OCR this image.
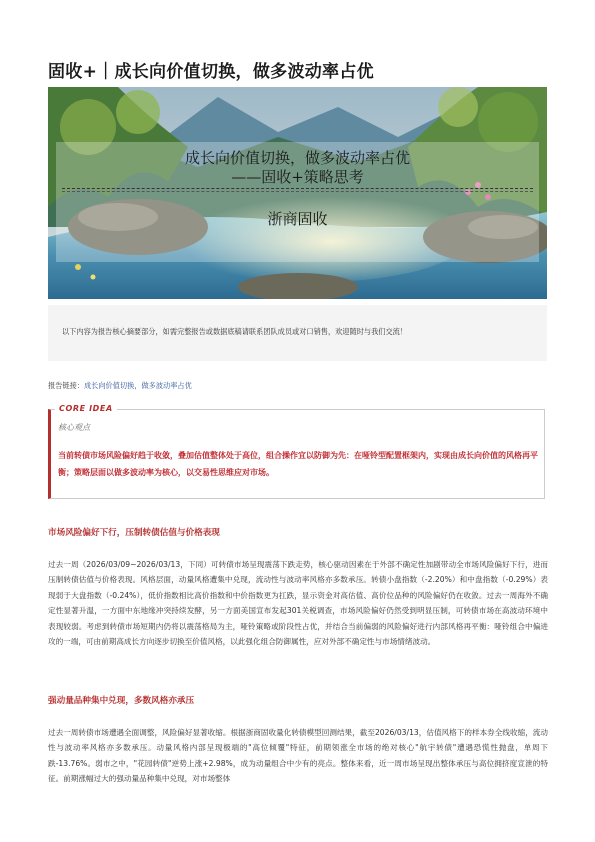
固收+｜成长向价值切换，做多波动率占优
成长向价值切换，做多波动率占优
——固收+策略思考
浙商固收
以下内容为报告核心摘要部分，如需完整报告或数据底稿请联系团队成员或对口销售，欢迎随时与我们交流！
报告链接：成长向价值切换，做多波动率占优
CORE IDEA
核心观点
当前转债市场风险偏好趋于收敛，叠加估值整体处于高位，组合操作宜以防御为先：在哑铃型配置框架内，实现由成长向价值的风格再平衡；策略层面以做多波动率为核心，以交易性思维应对市场。
市场风险偏好下行，压制转债估值与价格表现
过去一周（2026/03/09~2026/03/13，下同）可转债市场呈现震荡下跌走势，核心驱动因素在于外部不确定性加剧带动全市场风险偏好下行，进而压制转债估值与价格表现。风格层面，动量风格遭集中兑现，流动性与波动率风格亦多数承压。转债小盘指数（-2.20%）和中盘指数（-0.29%）表现弱于大盘指数（-0.24%），低价指数相比高价指数和中价指数更为扛跌，显示资金对高估值、高价位品种的风险偏好仍在收敛。过去一周海外不确定性显著升温，一方面中东地缘冲突持续发酵，另一方面美国宣布发起301关税调查，市场风险偏好仍然受到明显压制，可转债市场在高波动环境中表现较弱。考虑到转债市场短期内仍将以震荡格局为主，哑铃策略或阶段性占优，并结合当前偏弱的风险偏好进行内部风格再平衡：哑铃组合中偏进攻的一端，可由前期高成长方向逐步切换至价值风格，以此强化组合防御属性，应对外部不确定性与市场情绪波动。
强动量品种集中兑现，多数风格亦承压
过去一周转债市场遭遇全面调整，风险偏好显著收缩。根据浙商固收量化转债模型回测结果，截至2026/03/13，估值风格下的样本券全线收缩，流动性与波动率风格亦多数承压。动量风格内部呈现极端的"高位倾覆"特征，前期领涨全市场的绝对核心"航宇转债"遭遇恐慌性抛盘，单周下跌-13.76%。弱市之中，"花园转债"逆势上涨+2.98%，成为动量组合中少有的亮点。整体来看，近一周市场呈现出整体承压与高位拥挤度宣泄的特征。前期涨幅过大的强动量品种集中兑现，对市场整体
